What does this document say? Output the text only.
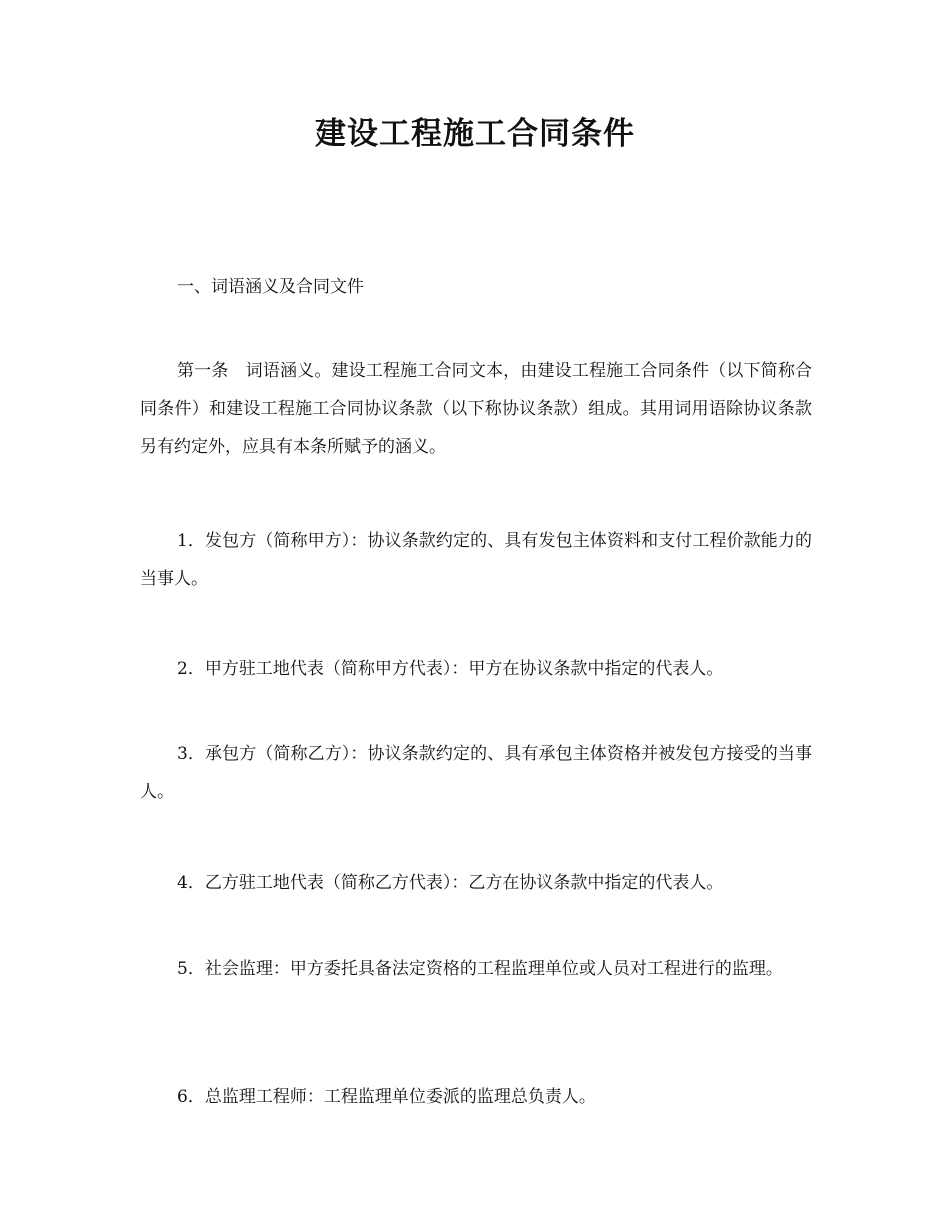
建设工程施工合同条件

一、词语涵义及合同文件

第一条　词语涵义。建设工程施工合同文本，由建设工程施工合同条件（以下简称合同条件）和建设工程施工合同协议条款（以下称协议条款）组成。其用词用语除协议条款另有约定外，应具有本条所赋予的涵义。

1．发包方（简称甲方）：协议条款约定的、具有发包主体资料和支付工程价款能力的当事人。

2．甲方驻工地代表（简称甲方代表）：甲方在协议条款中指定的代表人。

3．承包方（简称乙方）：协议条款约定的、具有承包主体资格并被发包方接受的当事人。

4．乙方驻工地代表（简称乙方代表）：乙方在协议条款中指定的代表人。

5．社会监理：甲方委托具备法定资格的工程监理单位或人员对工程进行的监理。

6．总监理工程师：工程监理单位委派的监理总负责人。
